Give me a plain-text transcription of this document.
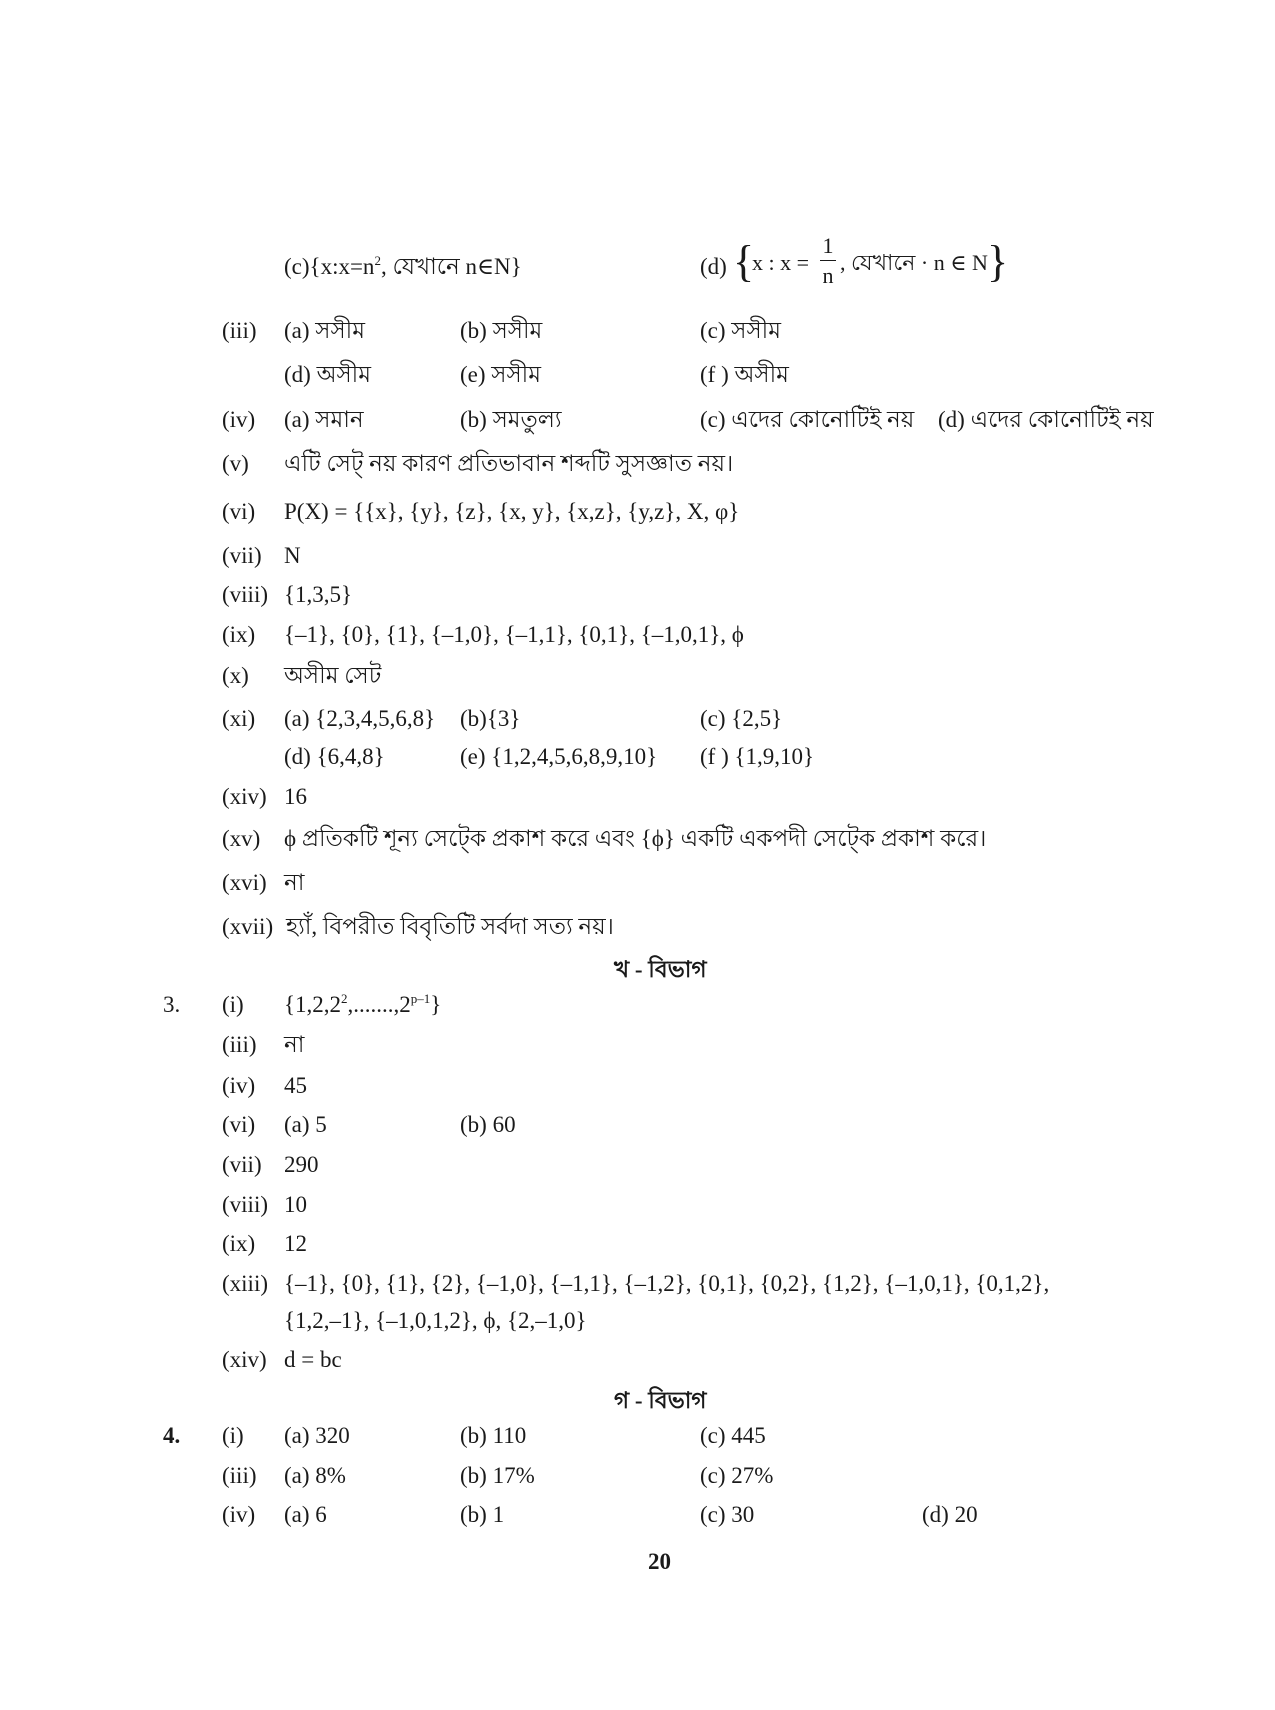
$(c)\{x:x=n^2$, যেখানে n∈N}	(d) {
x : x =
1
n
, যেখানে · n ∈ N }
(iii) (a) সসীম	(b) সসীম	(c) সসীম
(d) অসীম	(e) সসীম	(f ) অসীম
(iv) (a) সমান	(b) সমতুল্য	(c) এদের কোনোটিই নয় (d) এদের কোনোটিই নয়
(v) এটি সেট্ নয় কারণ প্রতিভাবান শব্দটি সুসজ্ঞাত নয়।
(vi) P(X) = {{x}, {y}, {z}, {x, y}, {x,z}, {y,z}, X, φ}
(vii) N
(viii) {1,3,5}
(ix) {–1}, {0}, {1}, {–1,0}, {–1,1}, {0,1}, {–1,0,1}, ϕ
(x) অসীম সেট
(xi) (a) {2,3,4,5,6,8} (b){3}	(c) {2,5}
(d) {6,4,8}	(e) {1,2,4,5,6,8,9,10} (f ) {1,9,10}
(xiv) 16
(xv) ϕ প্রতিকটি শূন্য সেট্কে প্রকাশ করে এবং {ϕ} একটি একপদী সেট্কে প্রকাশ করে।
(xvi) না
(xvii) হ্যাঁ, বিপরীত বিবৃতিটি সর্বদা সত্য নয়।
খ - বিভাগ
3. (i) {1,2,2$^2$,.......,2$^{p-1}$}
(iii) না
(iv) 45
(vi) (a) 5	(b) 60
(vii) 290
(viii) 10
(ix) 12
(xiii) {–1}, {0}, {1}, {2}, {–1,0}, {–1,1}, {–1,2}, {0,1}, {0,2}, {1,2}, {–1,0,1}, {0,1,2},
{1,2,–1}, {–1,0,1,2}, ϕ, {2,–1,0}
(xiv) d = bc
গ - বিভাগ
4. (i) (a) 320	(b) 110	(c) 445
(iii) (a) 8%	(b) 17%	(c) 27%
(iv) (a) 6	(b) 1	(c) 30	(d) 20
20
